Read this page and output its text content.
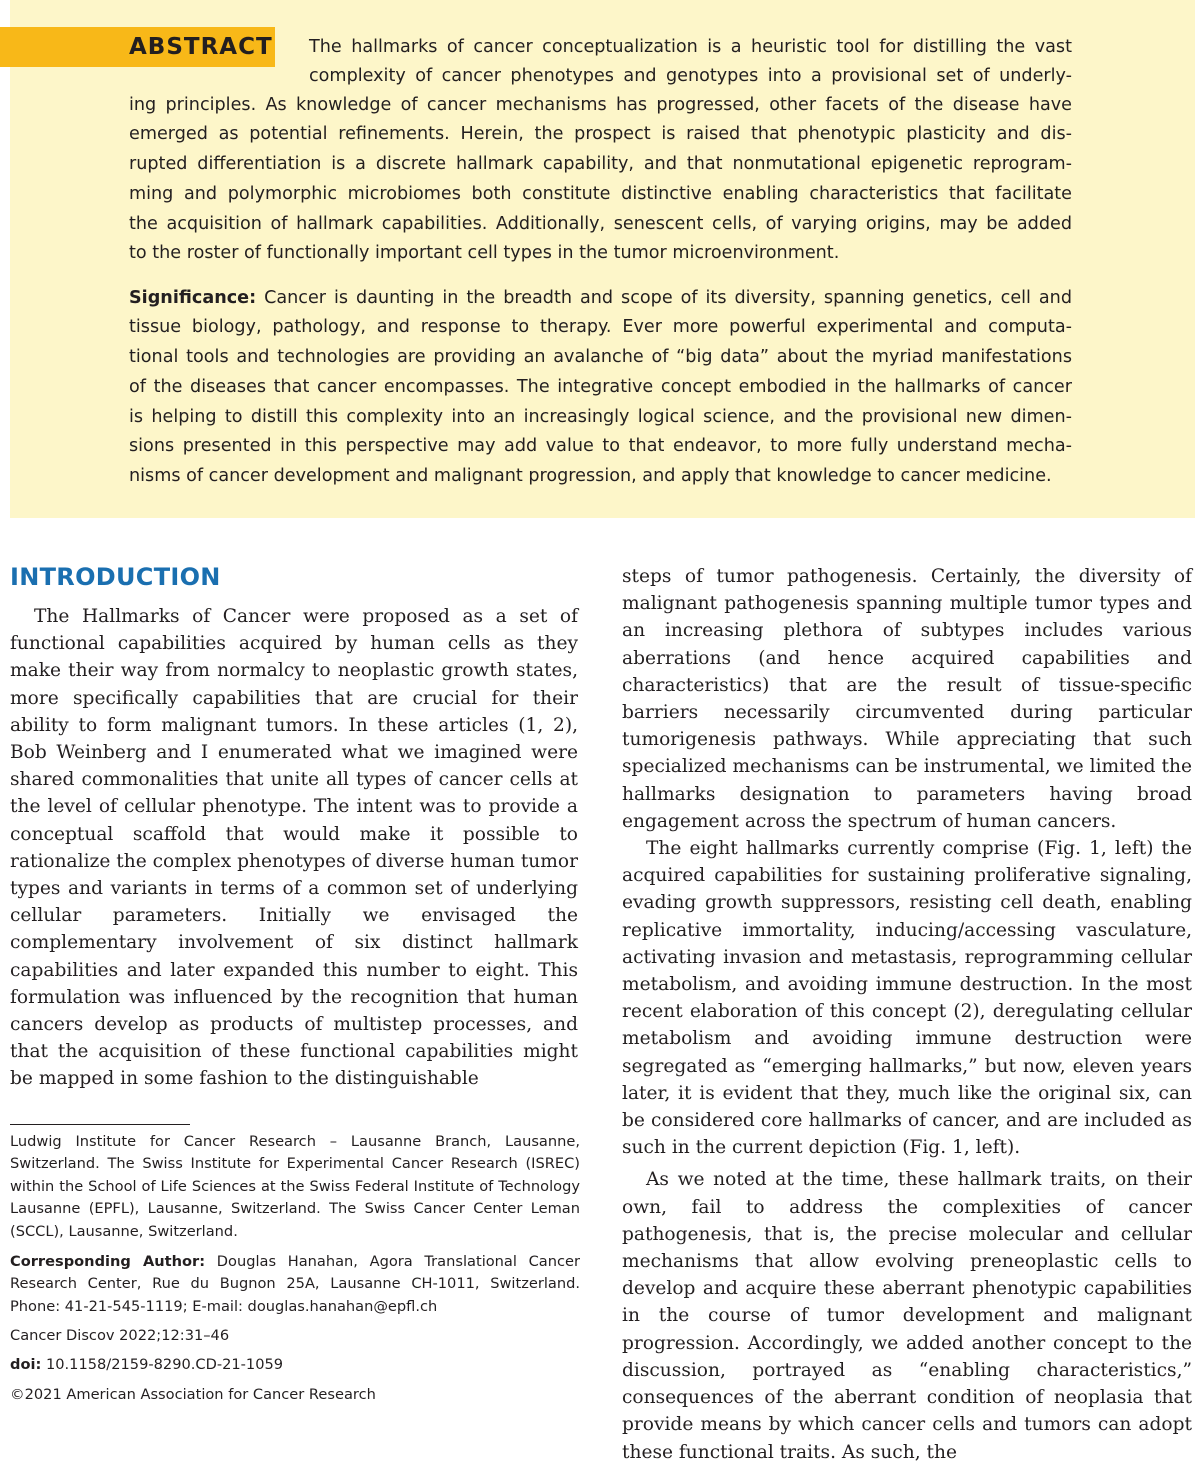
ABSTRACT The hallmarks of cancer conceptualization is a heuristic tool for distilling the vast
complexity of cancer phenotypes and genotypes into a provisional set of underly-
ing principles. As knowledge of cancer mechanisms has progressed, other facets of the disease have
emerged as potential refinements. Herein, the prospect is raised that phenotypic plasticity and dis-
rupted differentiation is a discrete hallmark capability, and that nonmutational epigenetic reprogram-
ming and polymorphic microbiomes both constitute distinctive enabling characteristics that facilitate
the acquisition of hallmark capabilities. Additionally, senescent cells, of varying origins, may be added
to the roster of functionally important cell types in the tumor microenvironment.
Significance: Cancer is daunting in the breadth and scope of its diversity, spanning genetics, cell and
tissue biology, pathology, and response to therapy. Ever more powerful experimental and computa-
tional tools and technologies are providing an avalanche of “big data” about the myriad manifestations
of the diseases that cancer encompasses. The integrative concept embodied in the hallmarks of cancer
is helping to distill this complexity into an increasingly logical science, and the provisional new dimen-
sions presented in this perspective may add value to that endeavor, to more fully understand mecha-
nisms of cancer development and malignant progression, and apply that knowledge to cancer medicine.
INTRODUCTION

The Hallmarks of Cancer were proposed as a set of functional capabilities acquired by human cells as they make their way from normalcy to neoplastic growth states, more specifically capabilities that are crucial for their ability to form malignant tumors. In these articles (1, 2), Bob Weinberg and I enumerated what we imagined were shared commonalities that unite all types of cancer cells at the level of cellular phenotype. The intent was to provide a conceptual scaffold that would make it possible to rationalize the complex phenotypes of diverse human tumor types and variants in terms of a common set of underlying cellular parameters. Initially we envisaged the complementary involvement of six distinct hallmark capabilities and later expanded this number to eight. This formulation was influenced by the recognition that human cancers develop as products of multistep processes, and that the acquisition of these functional capabilities might be mapped in some fashion to the distinguishable

steps of tumor pathogenesis. Certainly, the diversity of malignant pathogenesis spanning multiple tumor types and an increasing plethora of subtypes includes various aberrations (and hence acquired capabilities and characteristics) that are the result of tissue-specific barriers necessarily circumvented during particular tumorigenesis pathways. While appreciating that such specialized mechanisms can be instrumental, we limited the hallmarks designation to parameters having broad engagement across the spectrum of human cancers.

The eight hallmarks currently comprise (Fig. 1, left) the acquired capabilities for sustaining proliferative signaling, evading growth suppressors, resisting cell death, enabling replicative immortality, inducing/accessing vasculature, activating invasion and metastasis, reprogramming cellular metabolism, and avoiding immune destruction. In the most recent elaboration of this concept (2), deregulating cellular metabolism and avoiding immune destruction were segregated as “emerging hallmarks,” but now, eleven years later, it is evident that they, much like the original six, can be considered core hallmarks of cancer, and are included as such in the current depiction (Fig. 1, left).

As we noted at the time, these hallmark traits, on their own, fail to address the complexities of cancer pathogenesis, that is, the precise molecular and cellular mechanisms that allow evolving preneoplastic cells to develop and acquire these aberrant phenotypic capabilities in the course of tumor development and malignant progression. Accordingly, we added another concept to the discussion, portrayed as “enabling characteristics,” consequences of the aberrant condition of neoplasia that provide means by which cancer cells and tumors can adopt these functional traits. As such, the

Ludwig Institute for Cancer Research – Lausanne Branch, Lausanne, Switzerland. The Swiss Institute for Experimental Cancer Research (ISREC) within the School of Life Sciences at the Swiss Federal Institute of Technology Lausanne (EPFL), Lausanne, Switzerland. The Swiss Cancer Center Leman (SCCL), Lausanne, Switzerland.

Corresponding Author: Douglas Hanahan, Agora Translational Cancer Research Center, Rue du Bugnon 25A, Lausanne CH-1011, Switzerland. Phone: 41-21-545-1119; E-mail: douglas.hanahan@epfl.ch

Cancer Discov 2022;12:31–46

doi: 10.1158/2159-8290.CD-21-1059

©2021 American Association for Cancer Research
